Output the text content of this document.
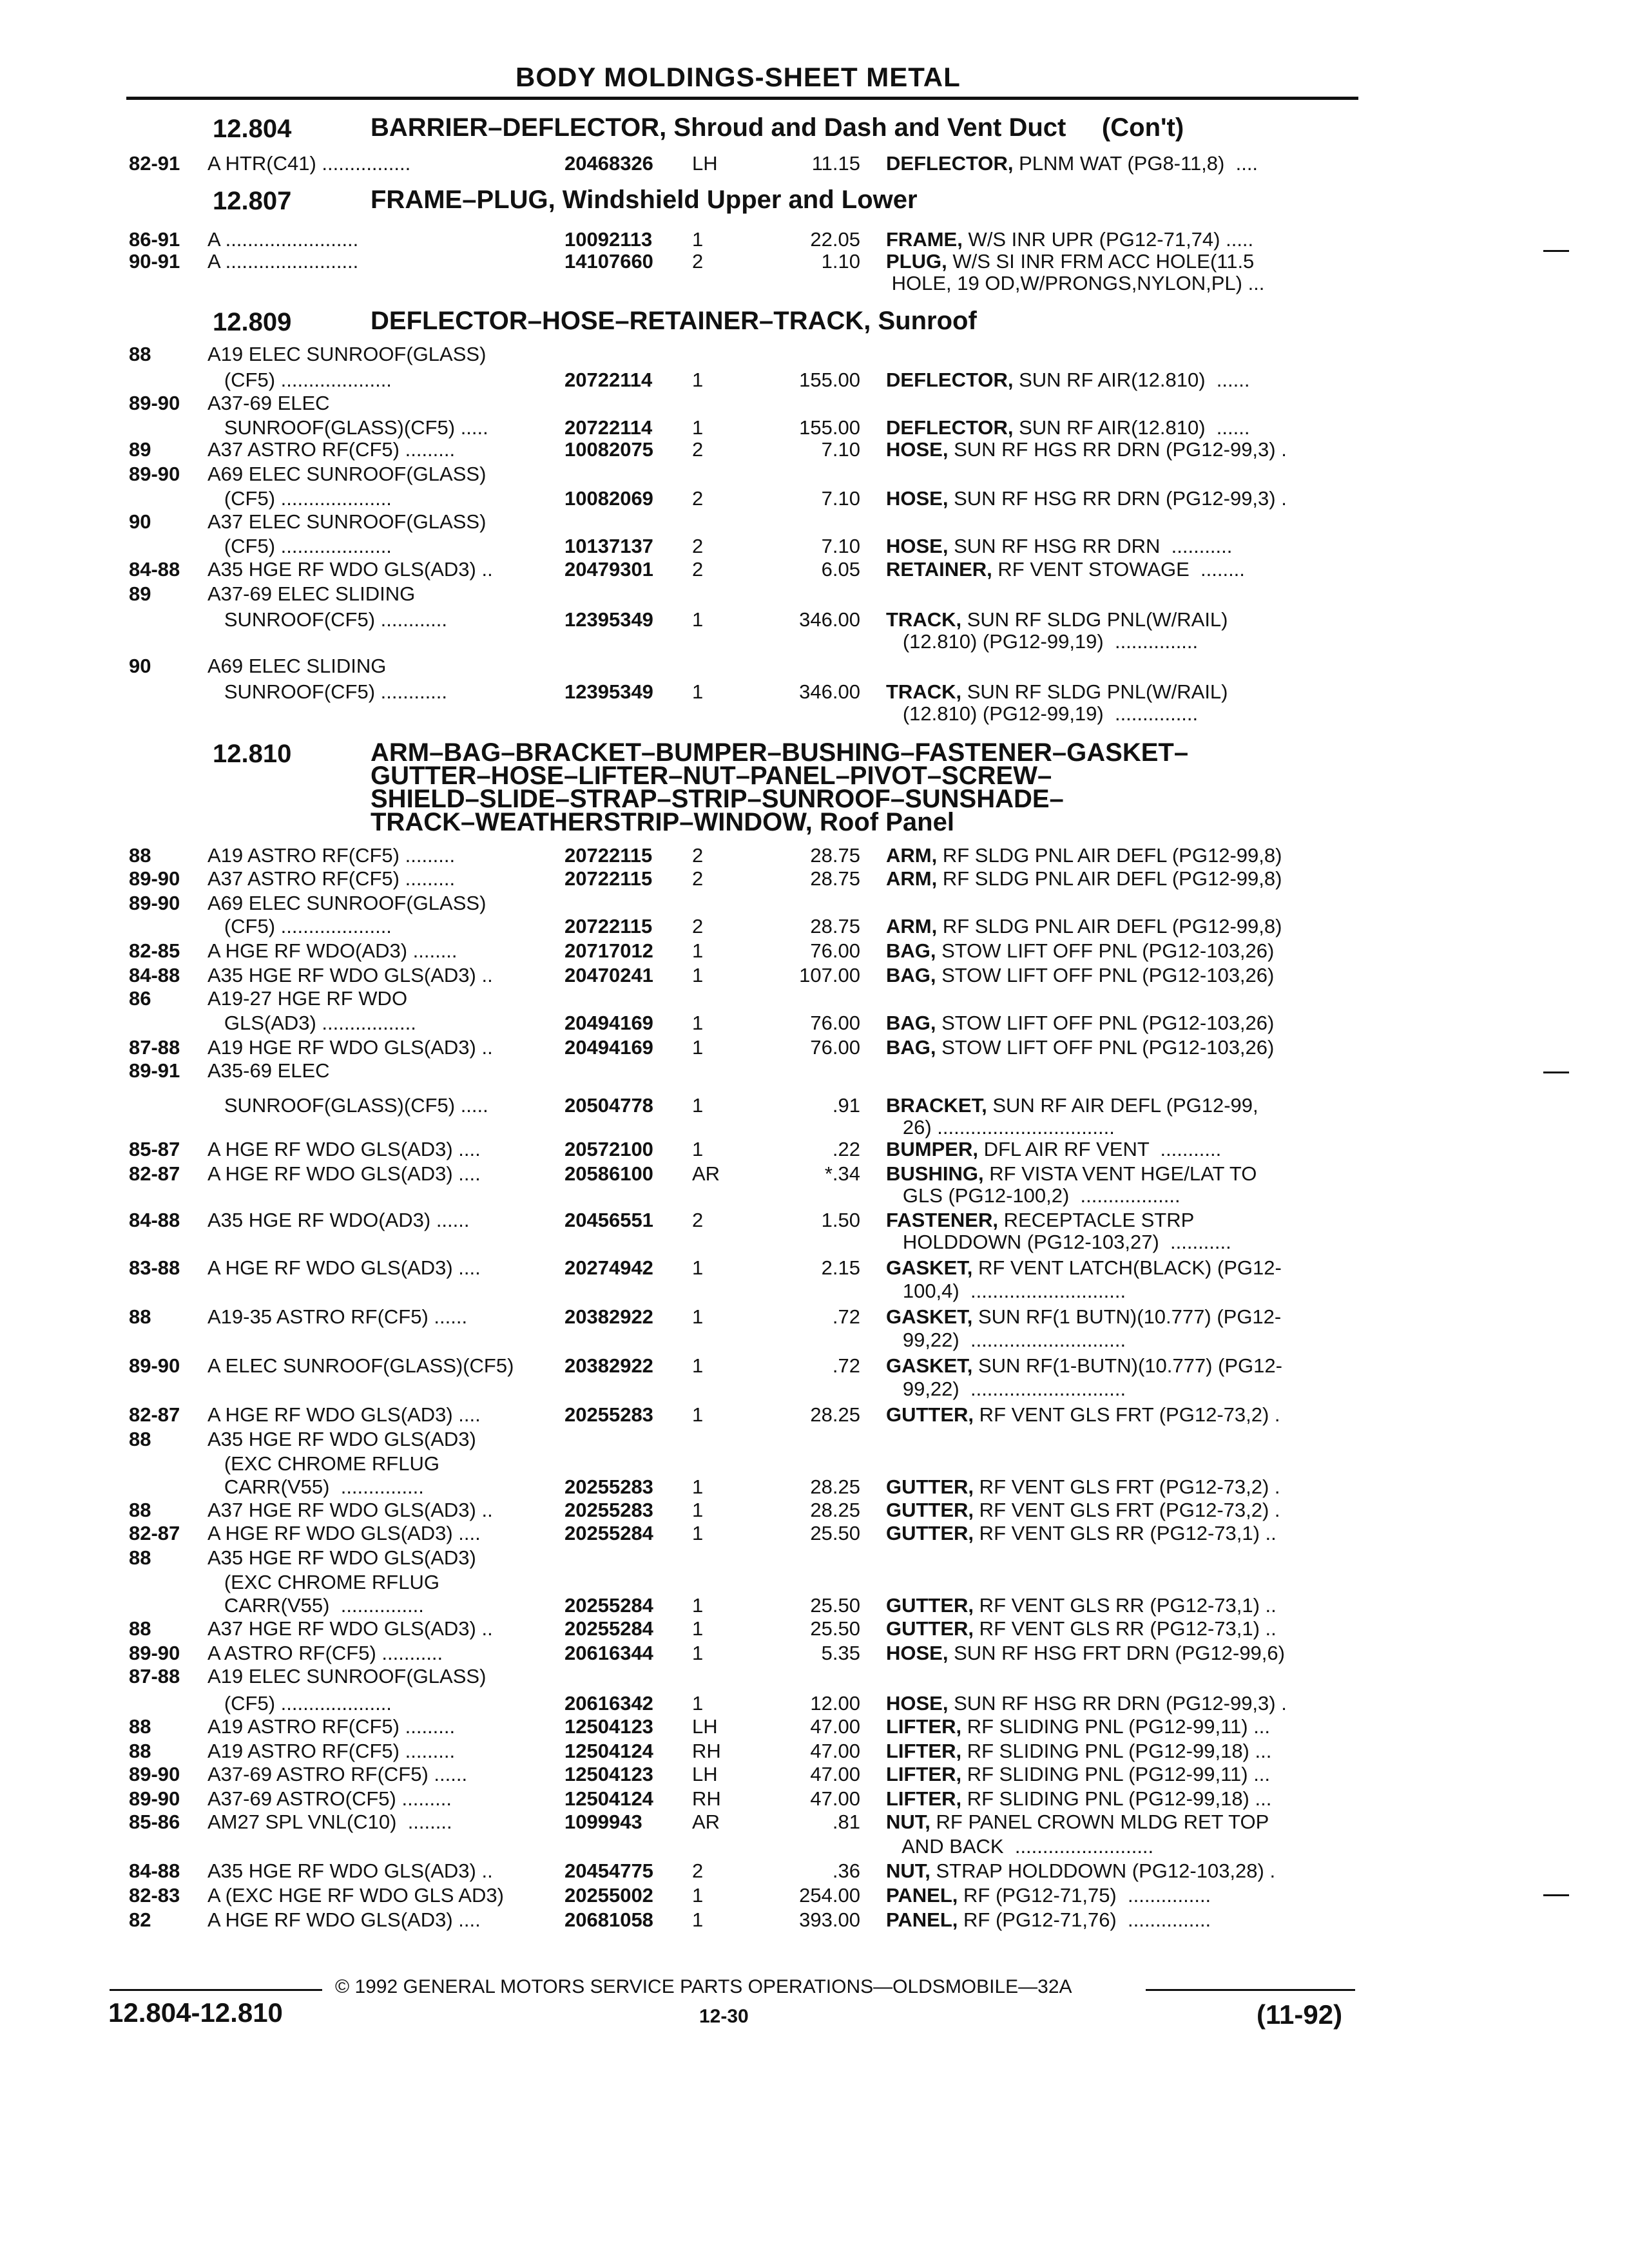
BODY MOLDINGS-SHEET METAL
12.804	BARRIER–DEFLECTOR, Shroud and Dash and Vent Duct     (Con't)
12.807	FRAME–PLUG, Windshield Upper and Lower
12.809	DEFLECTOR–HOSE–RETAINER–TRACK, Sunroof
12.810	ARM–BAG–BRACKET–BUMPER–BUSHING–FASTENER–GASKET–
GUTTER–HOSE–LIFTER–NUT–PANEL–PIVOT–SCREW–
SHIELD–SLIDE–STRAP–STRIP–SUNROOF–SUNSHADE–
TRACK–WEATHERSTRIP–WINDOW, Roof Panel
82-91 A HTR(C41) ................	20468326 LH	11.15 DEFLECTOR, PLNM WAT (PG8-11,8)  ....
86-91 A ........................	10092113 1	22.05 FRAME, W/S INR UPR (PG12-71,74) .....
90-91 A ........................	14107660 2	1.10 PLUG, W/S SI INR FRM ACC HOLE(11.5
HOLE, 19 OD,W/PRONGS,NYLON,PL) ...
88	A19 ELEC SUNROOF(GLASS)
(CF5) ....................	20722114 1	155.00 DEFLECTOR, SUN RF AIR(12.810)  ......
89-90 A37-69 ELEC
SUNROOF(GLASS)(CF5) .....	20722114 1	155.00 DEFLECTOR, SUN RF AIR(12.810)  ......
89	A37 ASTRO RF(CF5) .........	10082075 2	7.10 HOSE, SUN RF HGS RR DRN (PG12-99,3) .
89-90 A69 ELEC SUNROOF(GLASS)
(CF5) ....................	10082069 2	7.10 HOSE, SUN RF HSG RR DRN (PG12-99,3) .
90	A37 ELEC SUNROOF(GLASS)
(CF5) ....................	10137137 2	7.10 HOSE, SUN RF HSG RR DRN  ...........
84-88 A35 HGE RF WDO GLS(AD3) ..	20479301 2	6.05 RETAINER, RF VENT STOWAGE  ........
89	A37-69 ELEC SLIDING
SUNROOF(CF5) ............	12395349 1	346.00 TRACK, SUN RF SLDG PNL(W/RAIL)
(12.810) (PG12-99,19)  ...............
90	A69 ELEC SLIDING
SUNROOF(CF5) ............	12395349 1	346.00 TRACK, SUN RF SLDG PNL(W/RAIL)
(12.810) (PG12-99,19)  ...............
88	A19 ASTRO RF(CF5) .........	20722115 2	28.75 ARM, RF SLDG PNL AIR DEFL (PG12-99,8)
89-90 A37 ASTRO RF(CF5) .........	20722115 2	28.75 ARM, RF SLDG PNL AIR DEFL (PG12-99,8)
89-90 A69 ELEC SUNROOF(GLASS)
(CF5) ....................	20722115 2	28.75 ARM, RF SLDG PNL AIR DEFL (PG12-99,8)
82-85 A HGE RF WDO(AD3) ........	20717012 1	76.00 BAG, STOW LIFT OFF PNL (PG12-103,26)
84-88 A35 HGE RF WDO GLS(AD3) ..	20470241 1	107.00 BAG, STOW LIFT OFF PNL (PG12-103,26)
86	A19-27 HGE RF WDO
GLS(AD3) .................	20494169 1	76.00 BAG, STOW LIFT OFF PNL (PG12-103,26)
87-88 A19 HGE RF WDO GLS(AD3) ..	20494169 1	76.00 BAG, STOW LIFT OFF PNL (PG12-103,26)
89-91 A35-69 ELEC
SUNROOF(GLASS)(CF5) .....	20504778 1	.91 BRACKET, SUN RF AIR DEFL (PG12-99,
26) ................................
85-87 A HGE RF WDO GLS(AD3) ....	20572100 1	.22 BUMPER, DFL AIR RF VENT  ...........
82-87 A HGE RF WDO GLS(AD3) ....	20586100 AR	*.34 BUSHING, RF VISTA VENT HGE/LAT TO
GLS (PG12-100,2)  ..................
84-88 A35 HGE RF WDO(AD3) ......	20456551 2	1.50 FASTENER, RECEPTACLE STRP
HOLDDOWN (PG12-103,27)  ...........
83-88 A HGE RF WDO GLS(AD3) ....	20274942 1	2.15 GASKET, RF VENT LATCH(BLACK) (PG12-
100,4)  ............................
88	A19-35 ASTRO RF(CF5) ......	20382922 1	.72 GASKET, SUN RF(1 BUTN)(10.777) (PG12-
99,22)  ............................
89-90 A ELEC SUNROOF(GLASS)(CF5)	20382922 1	.72 GASKET, SUN RF(1-BUTN)(10.777) (PG12-
99,22)  ............................
82-87 A HGE RF WDO GLS(AD3) ....	20255283 1	28.25 GUTTER, RF VENT GLS FRT (PG12-73,2) .
88	A35 HGE RF WDO GLS(AD3)
(EXC CHROME RFLUG
CARR(V55)  ...............	20255283 1	28.25 GUTTER, RF VENT GLS FRT (PG12-73,2) .
88	A37 HGE RF WDO GLS(AD3) ..	20255283 1	28.25 GUTTER, RF VENT GLS FRT (PG12-73,2) .
82-87 A HGE RF WDO GLS(AD3) ....	20255284 1	25.50 GUTTER, RF VENT GLS RR (PG12-73,1) ..
88	A35 HGE RF WDO GLS(AD3)
(EXC CHROME RFLUG
CARR(V55)  ...............	20255284 1	25.50 GUTTER, RF VENT GLS RR (PG12-73,1) ..
88	A37 HGE RF WDO GLS(AD3) ..	20255284 1	25.50 GUTTER, RF VENT GLS RR (PG12-73,1) ..
89-90 A ASTRO RF(CF5) ...........	20616344 1	5.35 HOSE, SUN RF HSG FRT DRN (PG12-99,6)
87-88 A19 ELEC SUNROOF(GLASS)
(CF5) ....................	20616342 1	12.00 HOSE, SUN RF HSG RR DRN (PG12-99,3) .
88	A19 ASTRO RF(CF5) .........	12504123 LH	47.00 LIFTER, RF SLIDING PNL (PG12-99,11) ...
88	A19 ASTRO RF(CF5) .........	12504124 RH	47.00 LIFTER, RF SLIDING PNL (PG12-99,18) ...
89-90 A37-69 ASTRO RF(CF5) ......	12504123 LH	47.00 LIFTER, RF SLIDING PNL (PG12-99,11) ...
89-90 A37-69 ASTRO(CF5) .........	12504124 RH	47.00 LIFTER, RF SLIDING PNL (PG12-99,18) ...
85-86 AM27 SPL VNL(C10)  ........	1099943 AR	.81 NUT, RF PANEL CROWN MLDG RET TOP
AND BACK  .........................
84-88 A35 HGE RF WDO GLS(AD3) ..	20454775 2	.36 NUT, STRAP HOLDDOWN (PG12-103,28) .
82-83 A (EXC HGE RF WDO GLS AD3)	20255002 1	254.00 PANEL, RF (PG12-71,75)  ...............
82	A HGE RF WDO GLS(AD3) ....	20681058 1	393.00 PANEL, RF (PG12-71,76)  ...............
© 1992 GENERAL MOTORS SERVICE PARTS OPERATIONS—OLDSMOBILE—32A
12.804-12.810	12-30	(11-92)
